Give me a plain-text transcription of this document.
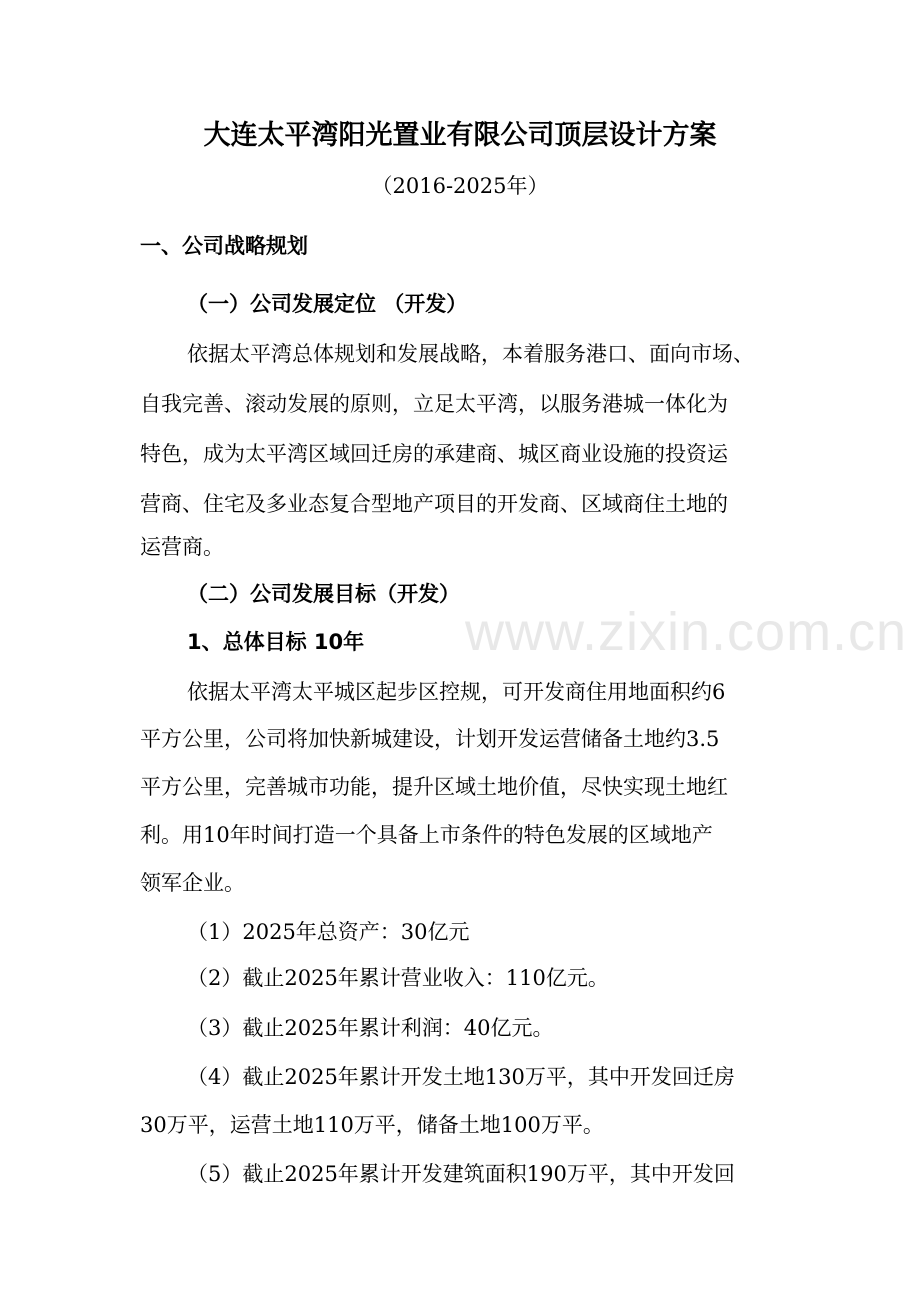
www.zixin.com.cn
大连太平湾阳光置业有限公司顶层设计方案
（2016-2025年）
一、公司战略规划
（一）公司发展定位 （开发）
依据太平湾总体规划和发展战略，本着服务港口、面向市场、
自我完善、滚动发展的原则，立足太平湾，以服务港城一体化为
特色，成为太平湾区域回迁房的承建商、城区商业设施的投资运
营商、住宅及多业态复合型地产项目的开发商、区域商住土地的
运营商。
（二）公司发展目标（开发）
1、总体目标 10年
依据太平湾太平城区起步区控规，可开发商住用地面积约6
平方公里，公司将加快新城建设，计划开发运营储备土地约3.5
平方公里，完善城市功能，提升区域土地价值，尽快实现土地红
利。用10年时间打造一个具备上市条件的特色发展的区域地产
领军企业。
（1）2025年总资产：30亿元
（2）截止2025年累计营业收入：110亿元。
（3）截止2025年累计利润：40亿元。
（4）截止2025年累计开发土地130万平，其中开发回迁房
30万平，运营土地110万平，储备土地100万平。
（5）截止2025年累计开发建筑面积190万平，其中开发回
